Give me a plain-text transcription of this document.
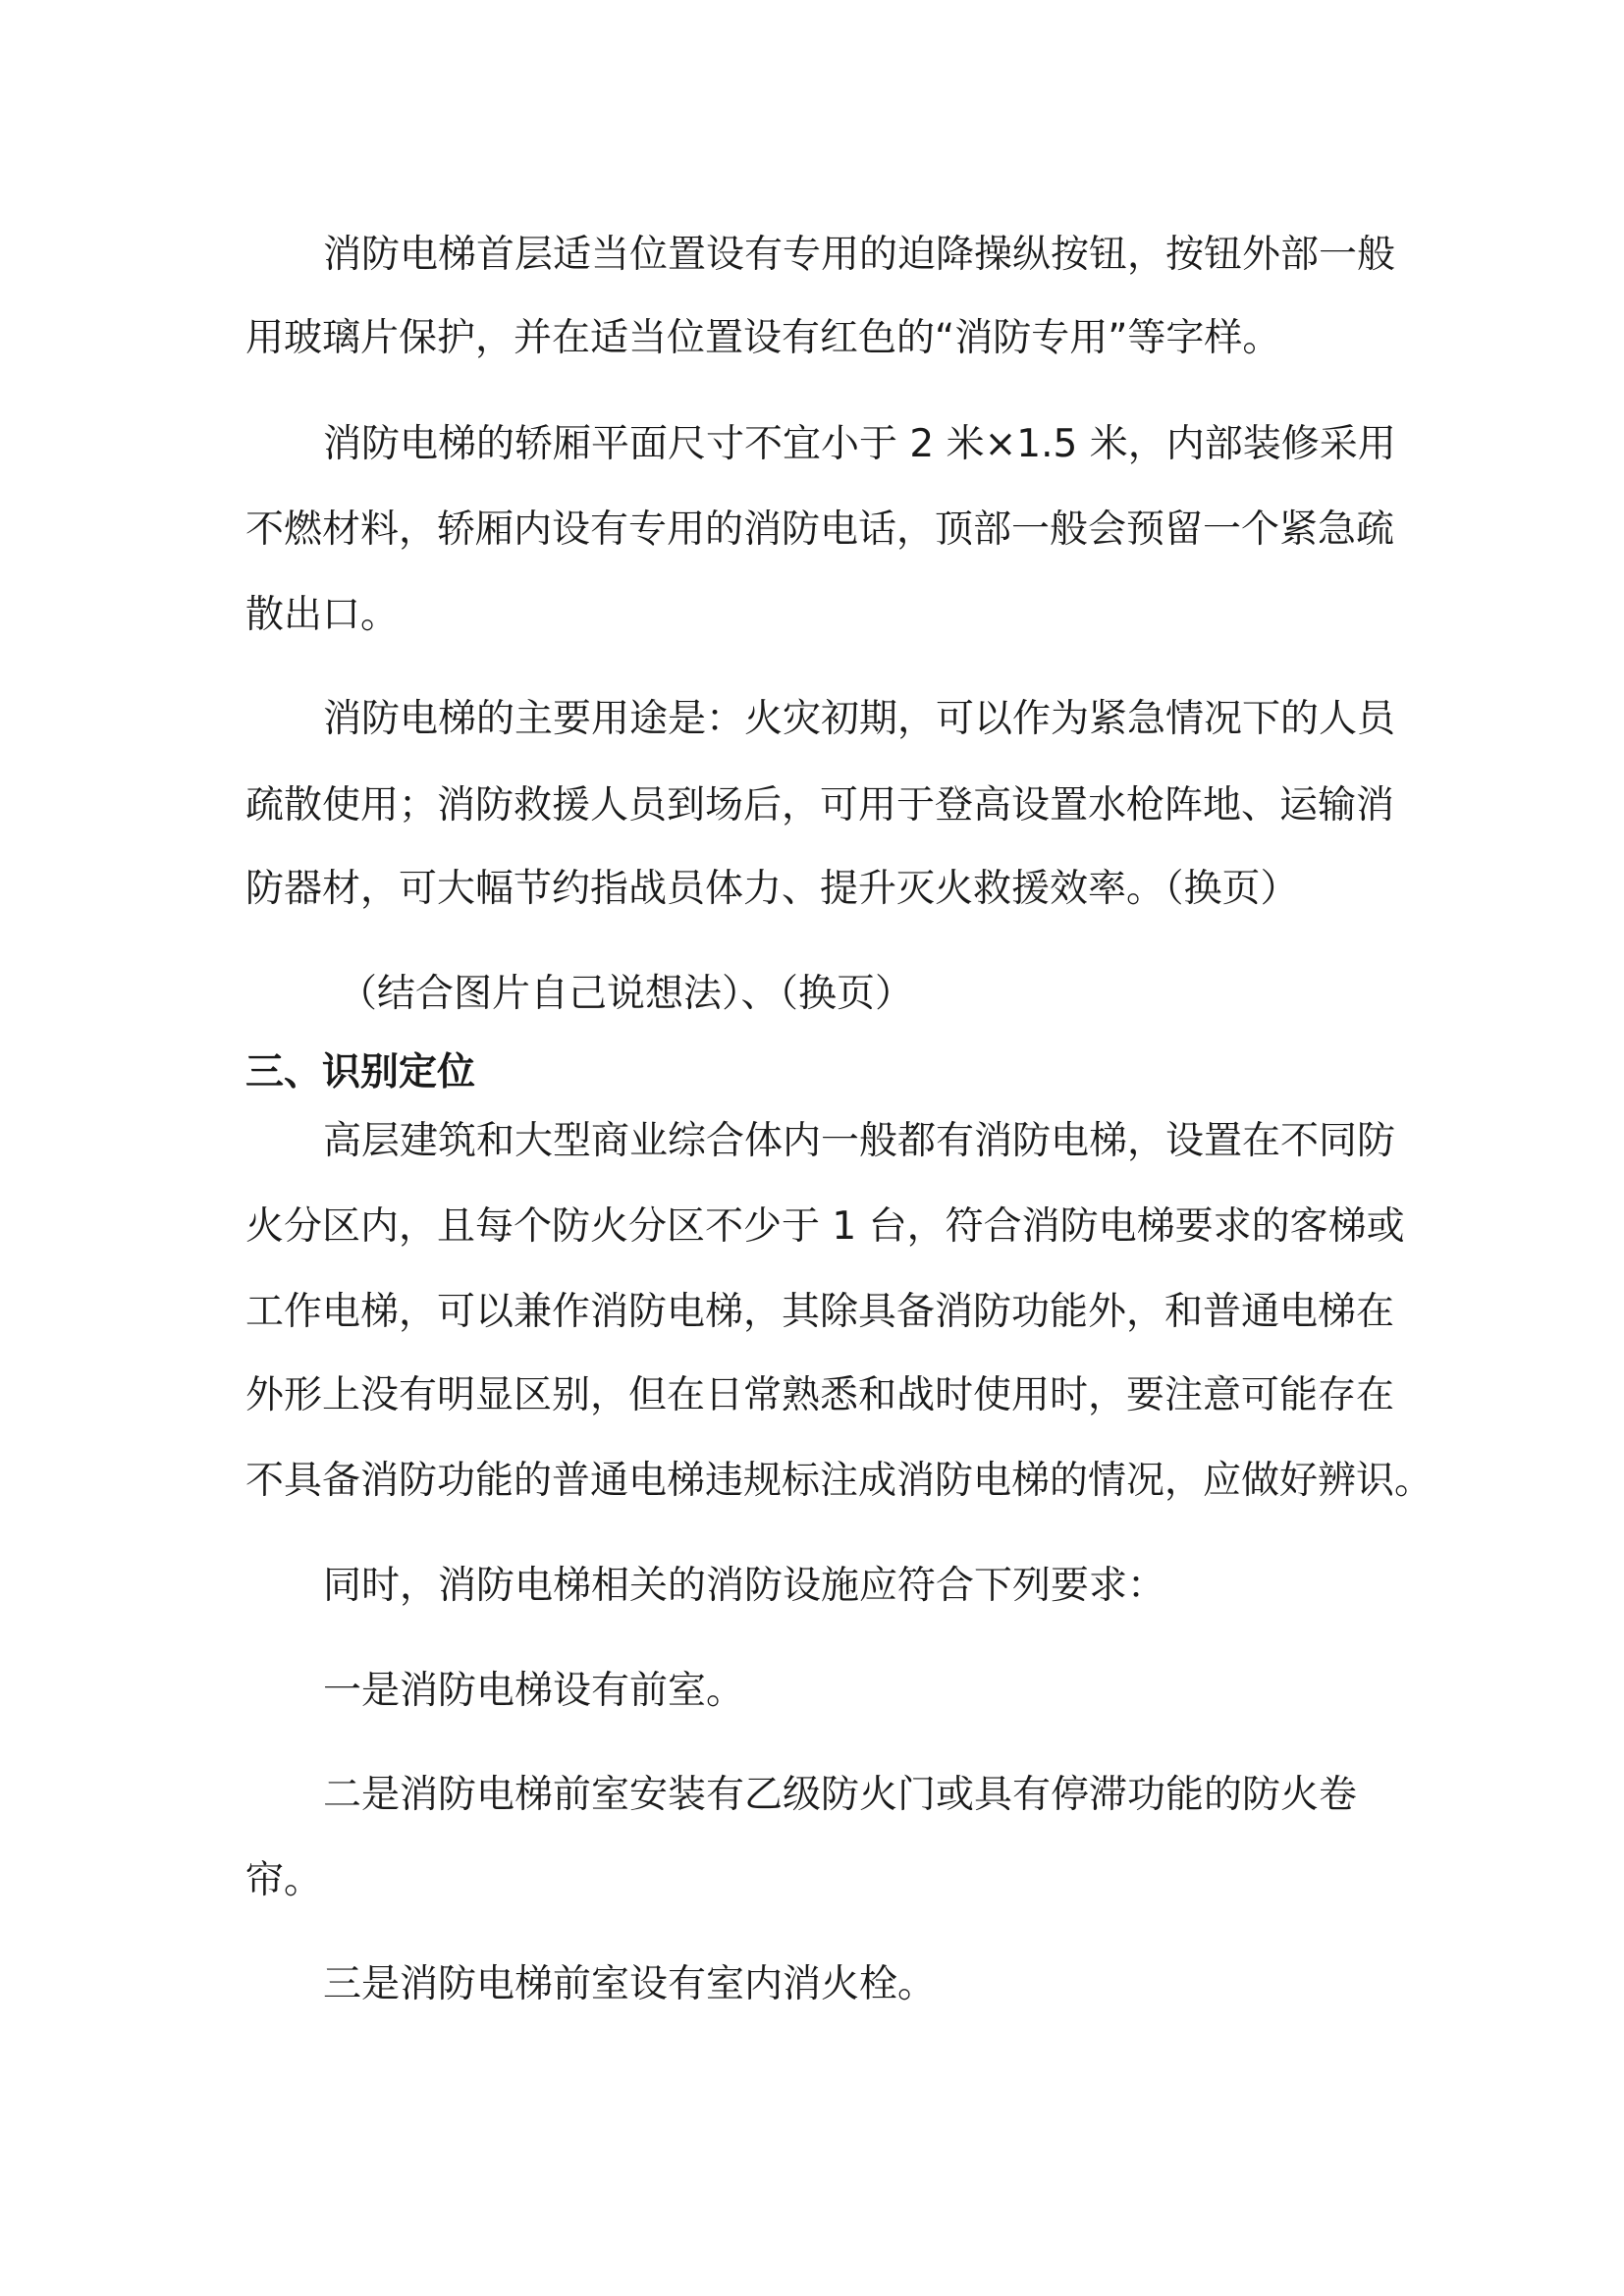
消防电梯首层适当位置设有专用的迫降操纵按钮，按钮外部一般
用玻璃片保护，并在适当位置设有红色的“消防专用”等字样。
消防电梯的轿厢平面尺寸不宜小于 2 米×1.5 米，内部装修采用
不燃材料，轿厢内设有专用的消防电话，顶部一般会预留一个紧急疏
散出口。
消防电梯的主要用途是：火灾初期，可以作为紧急情况下的人员
疏散使用；消防救援人员到场后，可用于登高设置水枪阵地、运输消
防器材，可大幅节约指战员体力、提升灭火救援效率。（换页）
（结合图片自己说想法）、（换页）
三、识别定位
高层建筑和大型商业综合体内一般都有消防电梯，设置在不同防
火分区内，且每个防火分区不少于 1 台，符合消防电梯要求的客梯或
工作电梯，可以兼作消防电梯，其除具备消防功能外，和普通电梯在
外形上没有明显区别，但在日常熟悉和战时使用时，要注意可能存在
不具备消防功能的普通电梯违规标注成消防电梯的情况，应做好辨识。
同时，消防电梯相关的消防设施应符合下列要求：
一是消防电梯设有前室。
二是消防电梯前室安装有乙级防火门或具有停滞功能的防火卷
帘。
三是消防电梯前室设有室内消火栓。
